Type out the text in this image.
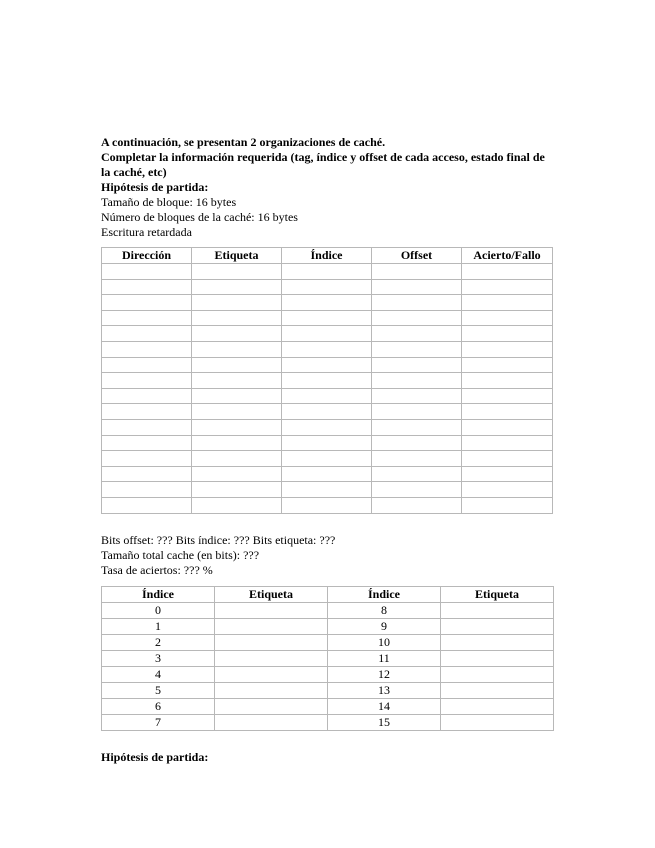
A continuación, se presentan 2 organizaciones de caché.
Completar la información requerida (tag, índice y offset de cada acceso, estado final de la caché, etc)
Hipótesis de partida:
Tamaño de bloque: 16 bytes
Número de bloques de la caché: 16 bytes
Escritura retardada
Dirección	Etiqueta	Índice	Offset	Acierto/Fallo

Bits offset: ??? Bits índice: ??? Bits etiqueta: ???
Tamaño total cache (en bits): ???
Tasa de aciertos: ??? %
Índice	Etiqueta	Índice	Etiqueta
0		8	
1		9	
2		10	
3		11	
4		12	
5		13	
6		14	
7		15	
Hipótesis de partida:
